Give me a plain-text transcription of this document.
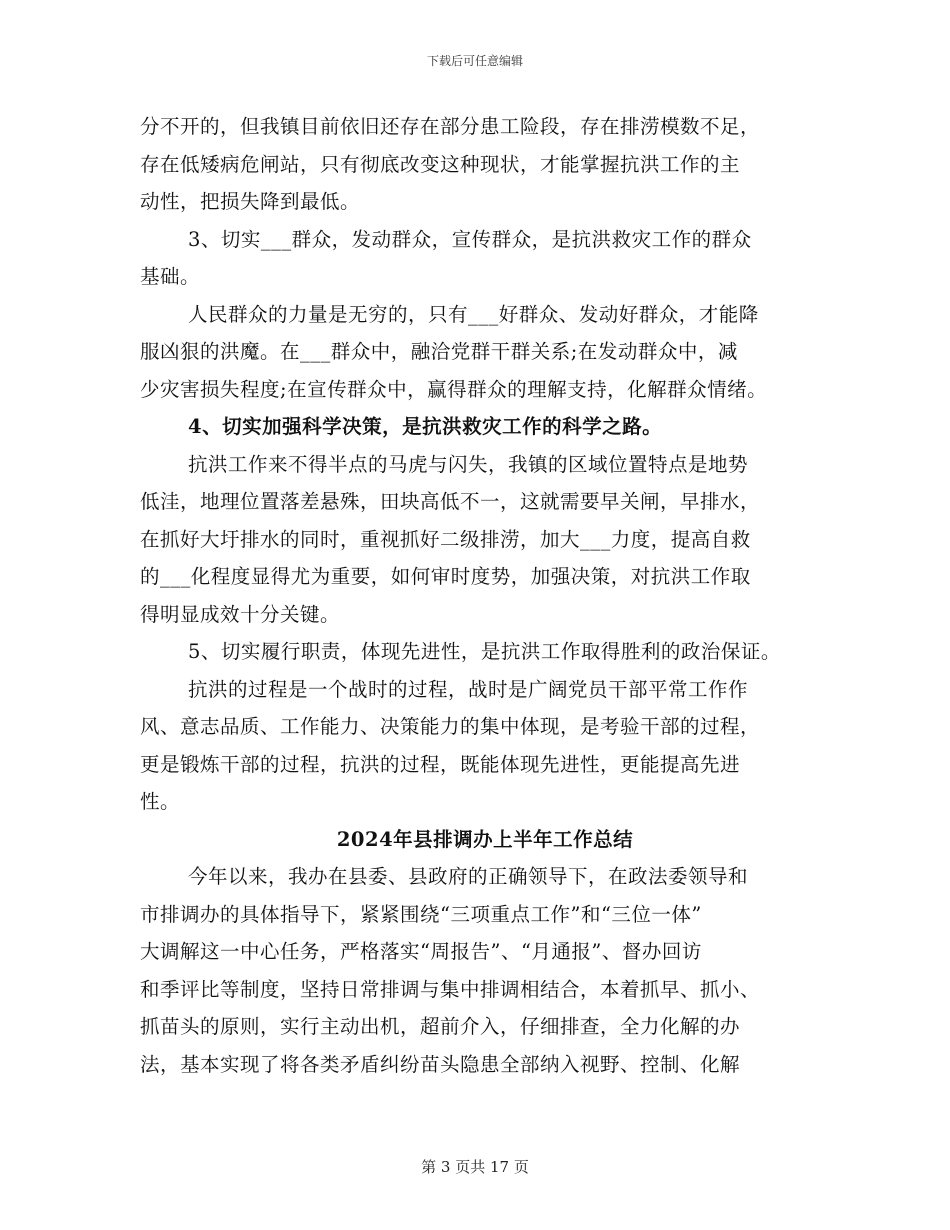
下载后可任意编辑
分不开的，但我镇目前依旧还存在部分患工险段，存在排涝模数不足，
存在低矮病危闸站，只有彻底改变这种现状，才能掌握抗洪工作的主
动性，把损失降到最低。
3、切实___群众，发动群众，宣传群众，是抗洪救灾工作的群众
基础。
人民群众的力量是无穷的，只有___好群众、发动好群众，才能降
服凶狠的洪魔。在___群众中，融洽党群干群关系;在发动群众中，减
少灾害损失程度;在宣传群众中，赢得群众的理解支持，化解群众情绪。
4、切实加强科学决策，是抗洪救灾工作的科学之路。
抗洪工作来不得半点的马虎与闪失，我镇的区域位置特点是地势
低洼，地理位置落差悬殊，田块高低不一，这就需要早关闸，早排水，
在抓好大圩排水的同时，重视抓好二级排涝，加大___力度，提高自救
的___化程度显得尤为重要，如何审时度势，加强决策，对抗洪工作取
得明显成效十分关键。
5、切实履行职责，体现先进性，是抗洪工作取得胜利的政治保证。
抗洪的过程是一个战时的过程，战时是广阔党员干部平常工作作
风、意志品质、工作能力、决策能力的集中体现，是考验干部的过程，
更是锻炼干部的过程，抗洪的过程，既能体现先进性，更能提高先进
性。
2024年县排调办上半年工作总结
今年以来，我办在县委、县政府的正确领导下，在政法委领导和
市排调办的具体指导下，紧紧围绕“三项重点工作”和“三位一体”
大调解这一中心任务，严格落实“周报告”、“月通报”、督办回访
和季评比等制度，坚持日常排调与集中排调相结合，本着抓早、抓小、
抓苗头的原则，实行主动出机，超前介入，仔细排查，全力化解的办
法，基本实现了将各类矛盾纠纷苗头隐患全部纳入视野、控制、化解
第 3 页共 17 页
